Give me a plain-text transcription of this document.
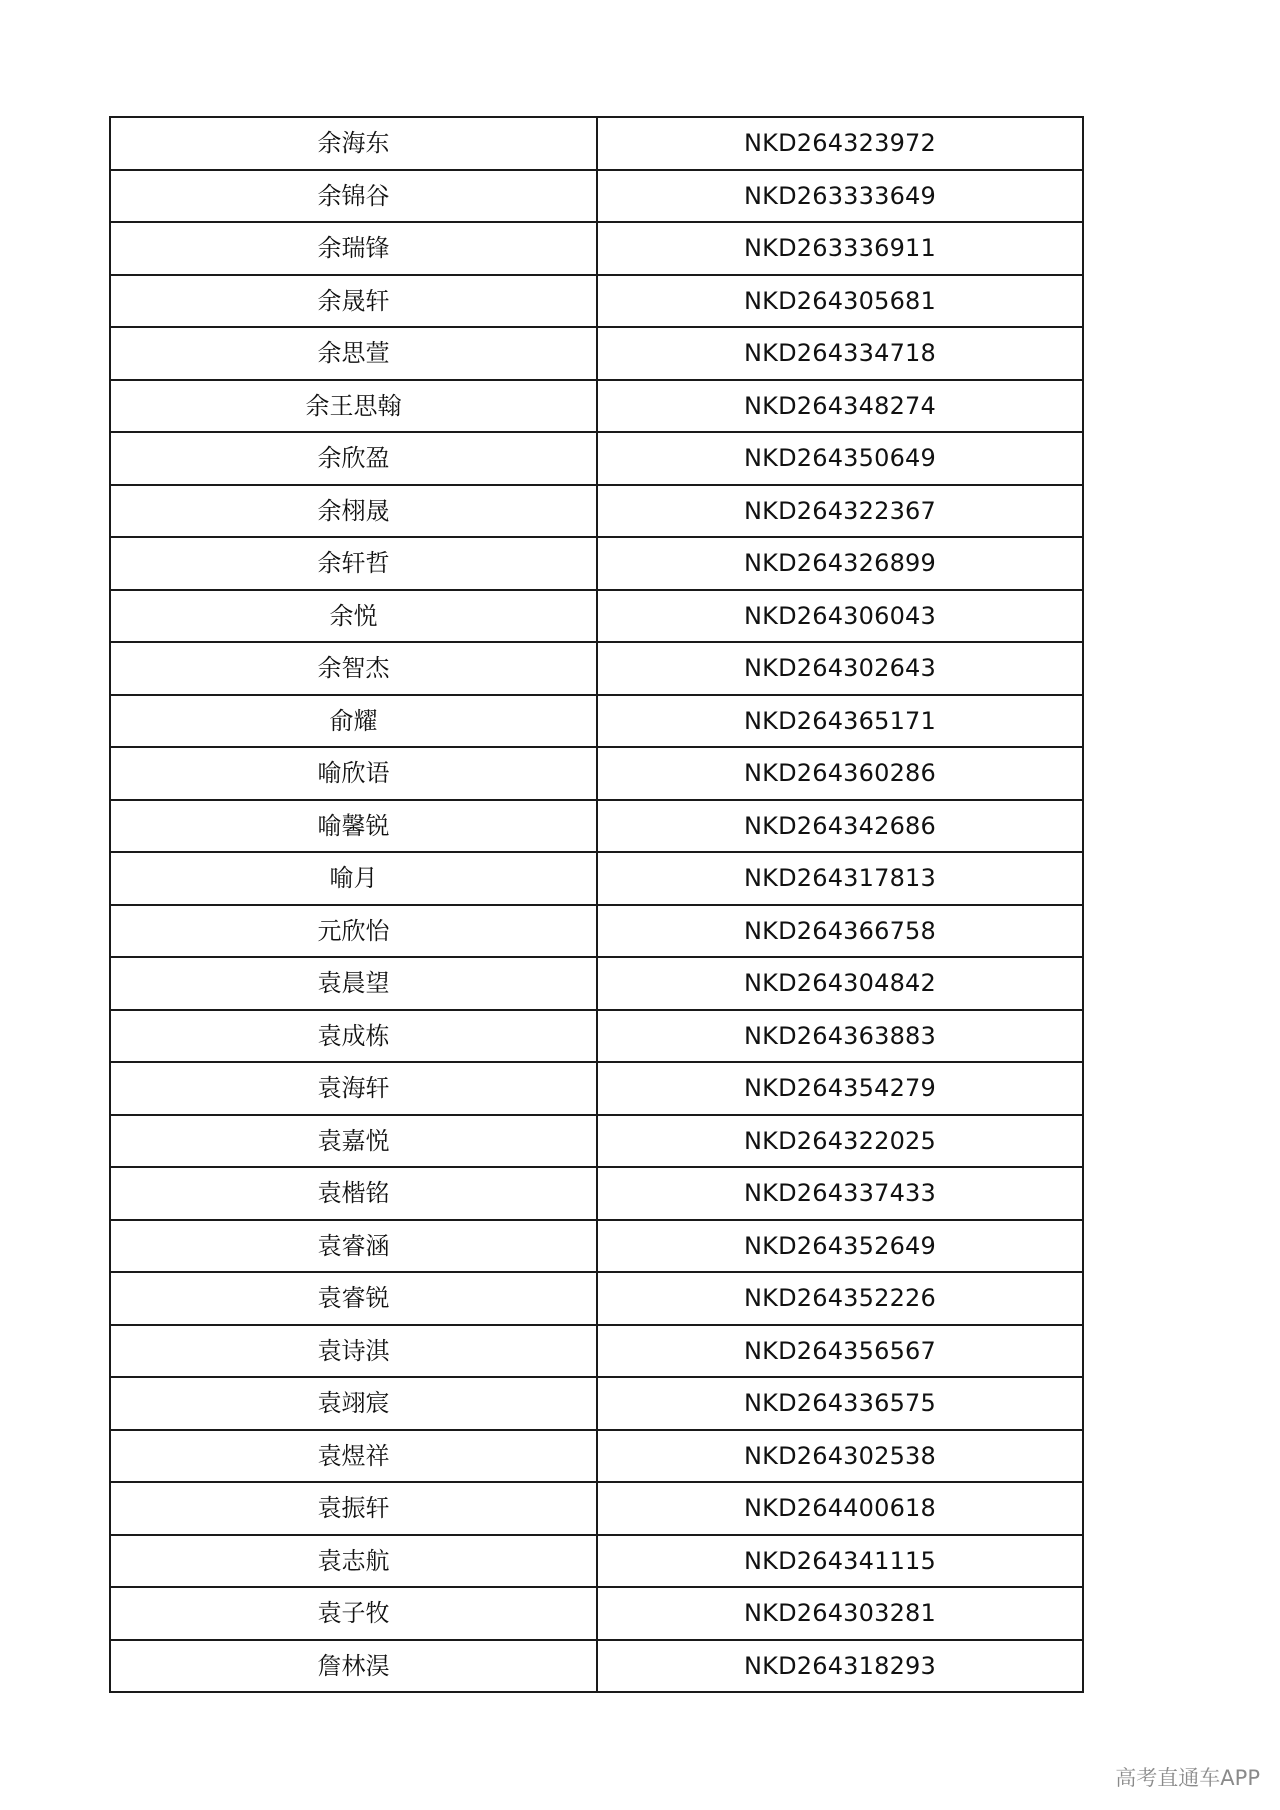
余海东	NKD264323972
余锦谷	NKD263333649
余瑞锋	NKD263336911
余晟轩	NKD264305681
余思萱	NKD264334718
余王思翰	NKD264348274
余欣盈	NKD264350649
余栩晟	NKD264322367
余轩哲	NKD264326899
余悦	NKD264306043
余智杰	NKD264302643
俞耀	NKD264365171
喻欣语	NKD264360286
喻馨锐	NKD264342686
喻月	NKD264317813
元欣怡	NKD264366758
袁晨望	NKD264304842
袁成栋	NKD264363883
袁海轩	NKD264354279
袁嘉悦	NKD264322025
袁楷铭	NKD264337433
袁睿涵	NKD264352649
袁睿锐	NKD264352226
袁诗淇	NKD264356567
袁翊宸	NKD264336575
袁煜祥	NKD264302538
袁振轩	NKD264400618
袁志航	NKD264341115
袁子牧	NKD264303281
詹林淏	NKD264318293
高考直通车APP
